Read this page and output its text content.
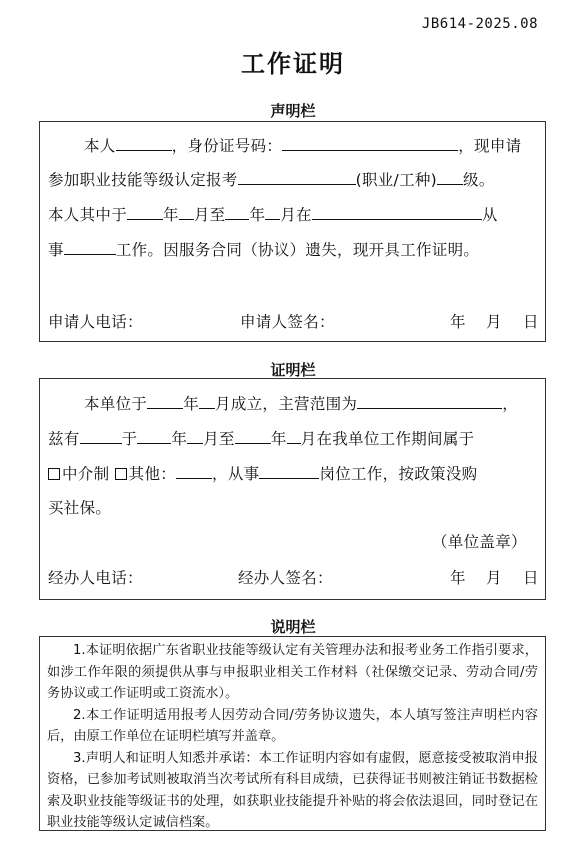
JB614-2025.08
工作证明
声明栏
本人	，身份证号码：	，现申请
参加职业技能等级认定报考	(职业/工种) 级。
本人其中于 年 月至 年 月在	从
事	工作。因服务合同（协议）遗失，现开具工作证明。
申请人电话：	申请人签名：	年 月 日
证明栏
本单位于 年 月成立，主营范围为	，
兹有	于 年 月至 年 月在我单位工作期间属于
中介制 其他： ，从事	岗位工作，按政策没购
买社保。
（单位盖章）
经办人电话：	经办人签名：	年 月 日
说明栏

1.本证明依据广东省职业技能等级认定有关管理办法和报考业务工作指引要求，如涉工作年限的须提供从事与申报职业相关工作材料（社保缴交记录、劳动合同/劳务协议或工作证明或工资流水）。

2.本工作证明适用报考人因劳动合同/劳务协议遗失，本人填写签注声明栏内容后，由原工作单位在证明栏填写并盖章。

3.声明人和证明人知悉并承诺：本工作证明内容如有虚假，愿意接受被取消申报资格，已参加考试则被取消当次考试所有科目成绩，已获得证书则被注销证书数据检索及职业技能等级证书的处理，如获职业技能提升补贴的将会依法退回，同时登记在职业技能等级认定诚信档案。
